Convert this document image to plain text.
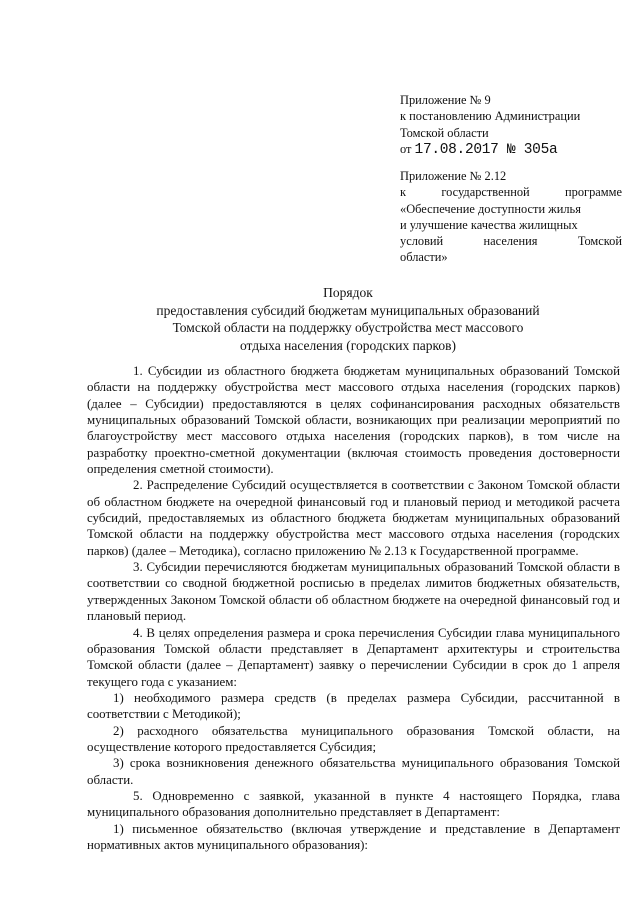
Приложение № 9
к постановлению Администрации
Томской области
от 17.08.2017 № 305а
Приложение № 2.12
к государственной программе
«Обеспечение доступности жилья
и улучшение качества жилищных
условий населения Томской
области»
Порядок
предоставления субсидий бюджетам муниципальных образований
Томской области на поддержку обустройства мест массового
отдыха населения (городских парков)

1. Субсидии из областного бюджета бюджетам муниципальных образований Томской области на поддержку обустройства мест массового отдыха населения (городских парков) (далее – Субсидии) предоставляются в целях софинансирования расходных обязательств муниципальных образований Томской области, возникающих при реализации мероприятий по благоустройству мест массового отдыха населения (городских парков), в том числе на разработку проектно-сметной документации (включая стоимость проведения достоверности определения сметной стоимости).

2. Распределение Субсидий осуществляется в соответствии с Законом Томской области об областном бюджете на очередной финансовый год и плановый период и методикой расчета субсидий, предоставляемых из областного бюджета бюджетам муниципальных образований Томской области на поддержку обустройства мест массового отдыха населения (городских парков) (далее – Методика), согласно приложению № 2.13 к Государственной программе.

3. Субсидии перечисляются бюджетам муниципальных образований Томской области в соответствии со сводной бюджетной росписью в пределах лимитов бюджетных обязательств, утвержденных Законом Томской области об областном бюджете на очередной финансовый год и плановый период.

4. В целях определения размера и срока перечисления Субсидии глава муниципального образования Томской области представляет в Департамент архитектуры и строительства Томской области (далее – Департамент) заявку о перечислении Субсидии в срок до 1 апреля текущего года с указанием:

1) необходимого размера средств (в пределах размера Субсидии, рассчитанной в соответствии с Методикой);

2) расходного обязательства муниципального образования Томской области, на осуществление которого предоставляется Субсидия;

3) срока возникновения денежного обязательства муниципального образования Томской области.

5. Одновременно с заявкой, указанной в пункте 4 настоящего Порядка, глава муниципального образования дополнительно представляет в Департамент:

1) письменное обязательство (включая утверждение и представление в Департамент нормативных актов муниципального образования):
